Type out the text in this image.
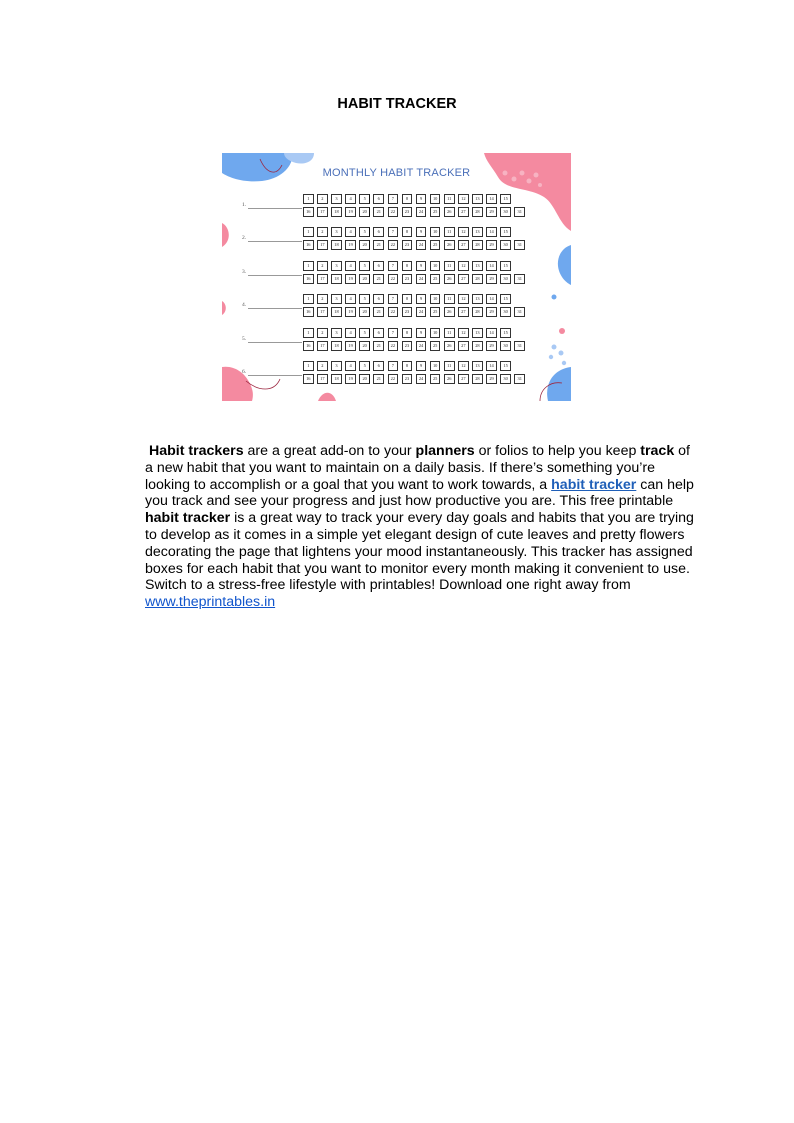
HABIT TRACKER
MONTHLY HABIT TRACKER
1.
1	2	3	4	5	6	7	8	9	10	11	12	13	14	15
16	17	18	19	20	21	22	23	24	25	26	27	28	29	30	31
2.
1	2	3	4	5	6	7	8	9	10	11	12	13	14	15
16	17	18	19	20	21	22	23	24	25	26	27	28	29	30	31
3.
1	2	3	4	5	6	7	8	9	10	11	12	13	14	15
16	17	18	19	20	21	22	23	24	25	26	27	28	29	30	31
4.
1	2	3	4	5	6	7	8	9	10	11	12	13	14	15
16	17	18	19	20	21	22	23	24	25	26	27	28	29	30	31
5.
1	2	3	4	5	6	7	8	9	10	11	12	13	14	15
16	17	18	19	20	21	22	23	24	25	26	27	28	29	30	31
6.
1	2	3	4	5	6	7	8	9	10	11	12	13	14	15
16	17	18	19	20	21	22	23	24	25	26	27	28	29	30	31

Habit trackers are a great add-on to your planners or folios to help you keep track of a new habit that you want to maintain on a daily basis. If there’s something you’re looking to accomplish or a goal that you want to work towards, a habit tracker can help you track and see your progress and just how productive you are. This free printable habit tracker is a great way to track your every day goals and habits that you are trying to develop as it comes in a simple yet elegant design of cute leaves and pretty flowers decorating the page that lightens your mood instantaneously. This tracker has assigned boxes for each habit that you want to monitor every month making it convenient to use. Switch to a stress-free lifestyle with printables! Download one right away from www.theprintables.in
